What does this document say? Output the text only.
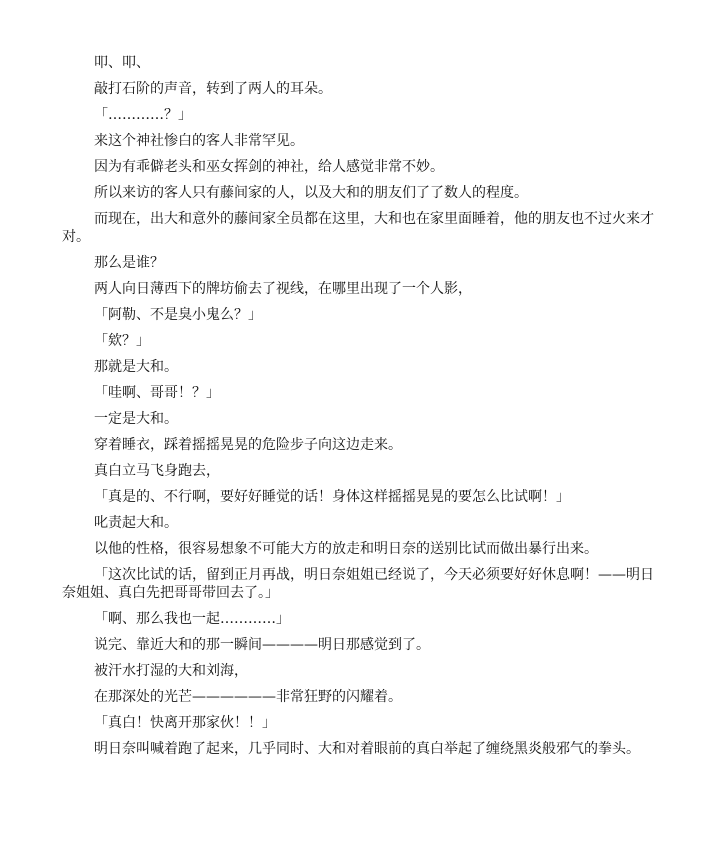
叩、叩、

敲打石阶的声音，转到了两人的耳朵。

「…………？」

来这个神社惨白的客人非常罕见。

因为有乖僻老头和巫女挥剑的神社，给人感觉非常不妙。

所以来访的客人只有藤间家的人，以及大和的朋友们了了数人的程度。

而现在，出大和意外的藤间家全员都在这里，大和也在家里面睡着，他的朋友也不过火来才对。

那么是谁？

两人向日薄西下的牌坊偷去了视线，在哪里出现了一个人影，

「阿勒、不是臭小鬼么？」

「欸？」

那就是大和。

「哇啊、哥哥！？」

一定是大和。

穿着睡衣，踩着摇摇晃晃的危险步子向这边走来。

真白立马飞身跑去，

「真是的、不行啊，要好好睡觉的话！身体这样摇摇晃晃的要怎么比试啊！」

叱责起大和。

以他的性格，很容易想象不可能大方的放走和明日奈的送别比试而做出暴行出来。

「这次比试的话，留到正月再战，明日奈姐姐已经说了，今天必须要好好休息啊！——明日奈姐姐、真白先把哥哥带回去了。」

「啊、那么我也一起…………」

说完、靠近大和的那一瞬间————明日那感觉到了。

被汗水打湿的大和刘海，

在那深处的光芒——————非常狂野的闪耀着。

「真白！快离开那家伙！！」

明日奈叫喊着跑了起来，几乎同时、大和对着眼前的真白举起了缠绕黑炎般邪气的拳头。
